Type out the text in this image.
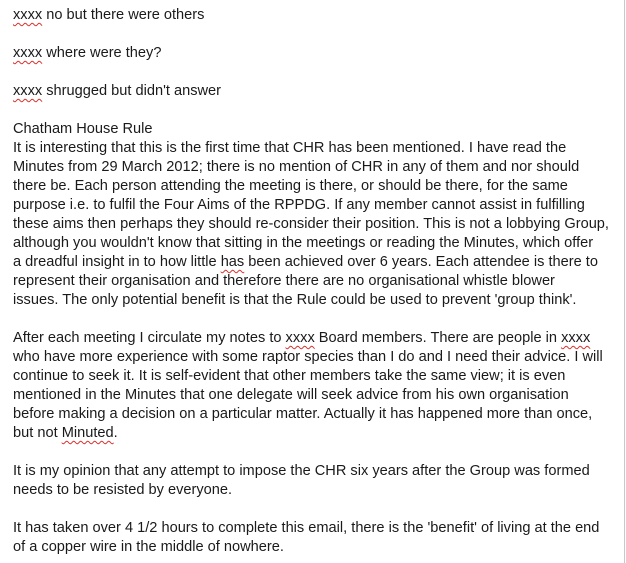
xxxx no but there were others
xxxx where were they?
xxxx shrugged but didn't answer
Chatham House Rule
It is interesting that this is the first time that CHR has been mentioned. I have read the
Minutes from 29 March 2012; there is no mention of CHR in any of them and nor should
there be. Each person attending the meeting is there, or should be there, for the same
purpose i.e. to fulfil the Four Aims of the RPPDG. If any member cannot assist in fulfilling
these aims then perhaps they should re-consider their position. This is not a lobbying Group,
although you wouldn't know that sitting in the meetings or reading the Minutes, which offer
a dreadful insight in to how little has been achieved over 6 years. Each attendee is there to
represent their organisation and therefore there are no organisational whistle blower
issues. The only potential benefit is that the Rule could be used to prevent 'group think'.
After each meeting I circulate my notes to xxxx Board members. There are people in xxxx
who have more experience with some raptor species than I do and I need their advice. I will
continue to seek it. It is self-evident that other members take the same view; it is even
mentioned in the Minutes that one delegate will seek advice from his own organisation
before making a decision on a particular matter. Actually it has happened more than once,
but not Minuted.
It is my opinion that any attempt to impose the CHR six years after the Group was formed
needs to be resisted by everyone.
It has taken over 4 1/2 hours to complete this email, there is the 'benefit' of living at the end
of a copper wire in the middle of nowhere.
